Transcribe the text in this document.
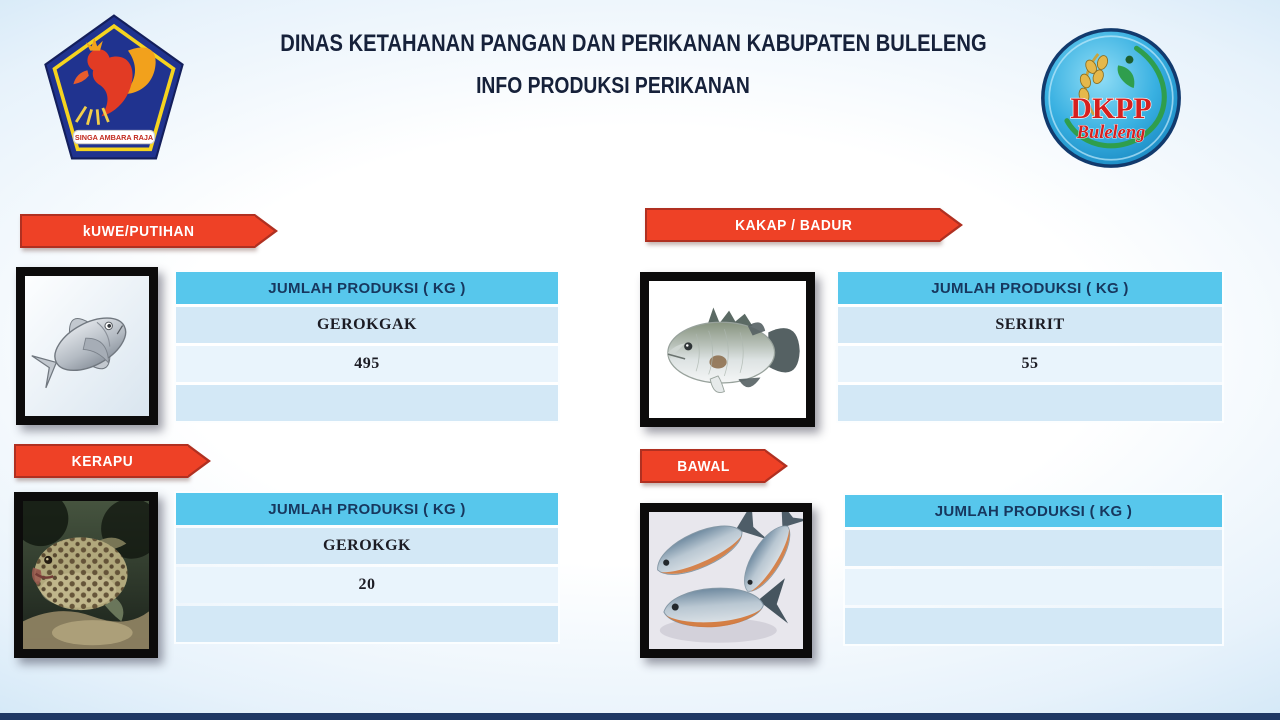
SINGA AMBARA RAJA
DINAS KETAHANAN PANGAN DAN PERIKANAN KABUPATEN BULELENG
INFO PRODUKSI PERIKANAN
DKPP
Buleleng
kUWE/PUTIHAN	KAKAP / BADUR
KERAPU	BAWAL
JUMLAH PRODUKSI ( KG )
GEROKGAK
495
JUMLAH PRODUKSI ( KG )
SERIRIT
55
JUMLAH PRODUKSI ( KG )
GEROKGK
20
JUMLAH PRODUKSI ( KG )
